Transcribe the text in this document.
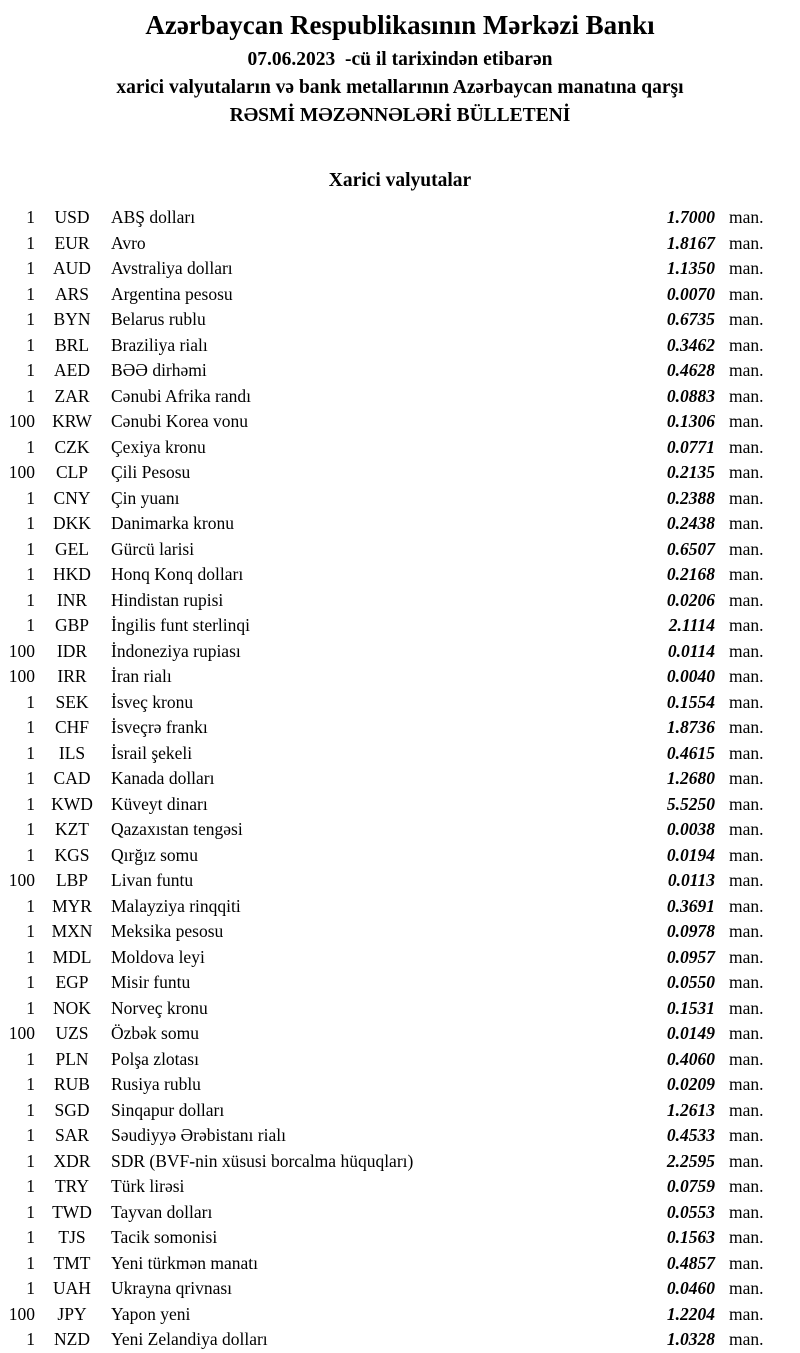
Azərbaycan Respublikasının Mərkəzi Bankı

07.06.2023  -cü il tarixindən etibarən

xarici valyutaların və bank metallarının Azərbaycan manatına qarşı

RƏSMİ MƏZƏNNƏLƏRİ BÜLLETENİ

Xarici valyutalar
1	USD	ABŞ dolları	1.7000 man.
1	EUR	Avro	1.8167 man.
1	AUD	Avstraliya dolları	1.1350 man.
1	ARS	Argentina pesosu	0.0070 man.
1	BYN	Belarus rublu	0.6735 man.
1	BRL	Braziliya rialı	0.3462 man.
1	AED	BƏƏ dirhəmi	0.4628 man.
1	ZAR	Cənubi Afrika randı	0.0883 man.
100 KRW	Cənubi Korea vonu	0.1306 man.
1	CZK	Çexiya kronu	0.0771 man.
100	CLP	Çili Pesosu	0.2135 man.
1	CNY	Çin yuanı	0.2388 man.
1	DKK	Danimarka kronu	0.2438 man.
1	GEL	Gürcü larisi	0.6507 man.
1	HKD	Honq Konq dolları	0.2168 man.
1	INR	Hindistan rupisi	0.0206 man.
1	GBP	İngilis funt sterlinqi	2.1114 man.
100	IDR	İndoneziya rupiası	0.0114 man.
100	IRR	İran rialı	0.0040 man.
1	SEK	İsveç kronu	0.1554 man.
1	CHF	İsveçrə frankı	1.8736 man.
1	ILS	İsrail şekeli	0.4615 man.
1	CAD	Kanada dolları	1.2680 man.
1 KWD	Küveyt dinarı	5.5250 man.
1	KZT	Qazaxıstan tengəsi	0.0038 man.
1	KGS	Qırğız somu	0.0194 man.
100	LBP	Livan funtu	0.0113 man.
1 MYR	Malayziya rinqqiti	0.3691 man.
1 MXN	Meksika pesosu	0.0978 man.
1	MDL	Moldova leyi	0.0957 man.
1	EGP	Misir funtu	0.0550 man.
1	NOK	Norveç kronu	0.1531 man.
100	UZS	Özbək somu	0.0149 man.
1	PLN	Polşa zlotası	0.4060 man.
1	RUB	Rusiya rublu	0.0209 man.
1	SGD	Sinqapur dolları	1.2613 man.
1	SAR	Səudiyyə Ərəbistanı rialı	0.4533 man.
1	XDR	SDR (BVF-nin xüsusi borcalma hüquqları)	2.2595 man.
1	TRY	Türk lirəsi	0.0759 man.
1 TWD	Tayvan dolları	0.0553 man.
1	TJS	Tacik somonisi	0.1563 man.
1	TMT	Yeni türkmən manatı	0.4857 man.
1	UAH	Ukrayna qrivnası	0.0460 man.
100	JPY	Yapon yeni	1.2204 man.
1	NZD	Yeni Zelandiya dolları	1.0328 man.
